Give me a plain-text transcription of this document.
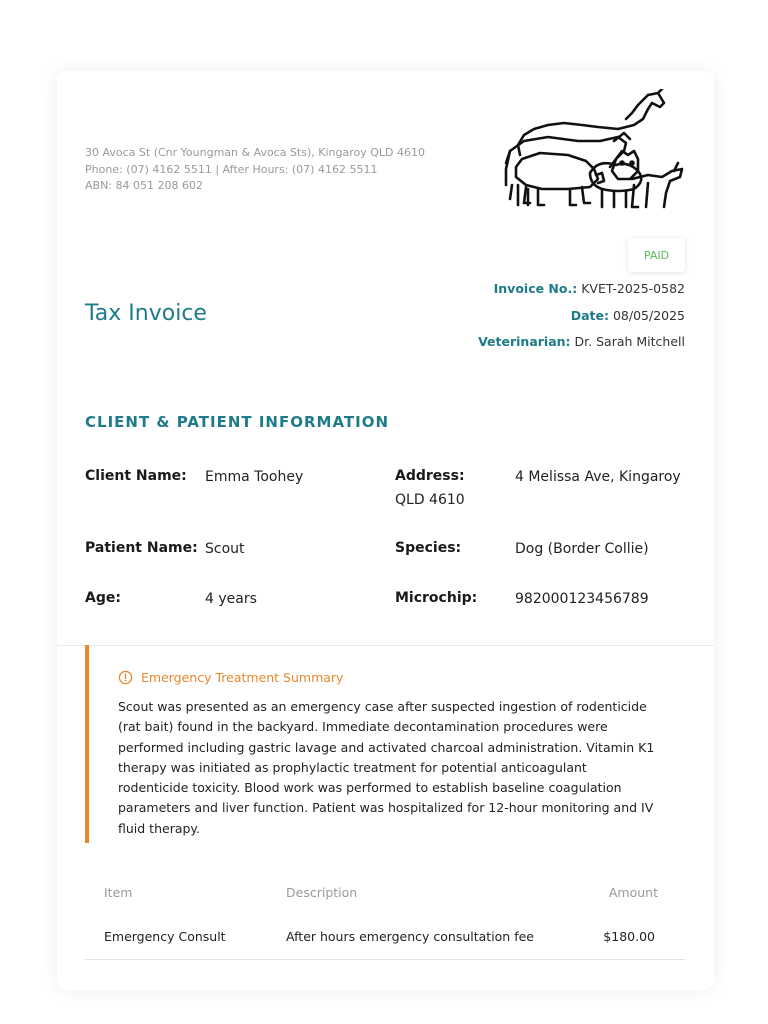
30 Avoca St (Cnr Youngman & Avoca Sts), Kingaroy QLD 4610
Phone: (07) 4162 5511 | After Hours: (07) 4162 5511
ABN: 84 051 208 602
PAID
Tax Invoice
Invoice No.: KVET-2025-0582
Date: 08/05/2025
Veterinarian: Dr. Sarah Mitchell
CLIENT & PATIENT INFORMATION
Client Name: Emma Toohey	Address:	4 Melissa Ave, Kingaroy
QLD 4610
Patient Name: Scout	Species:	Dog (Border Collie)
Age:	4 years	Microchip:	982000123456789
Emergency Treatment Summary
Scout was presented as an emergency case after suspected ingestion of rodenticide (rat bait) found in the backyard. Immediate decontamination procedures were performed including gastric lavage and activated charcoal administration. Vitamin K1 therapy was initiated as prophylactic treatment for potential anticoagulant rodenticide toxicity. Blood work was performed to establish baseline coagulation parameters and liver function. Patient was hospitalized for 12-hour monitoring and IV fluid therapy.
Item	Description	Amount
Emergency Consult	After hours emergency consultation fee	$180.00
